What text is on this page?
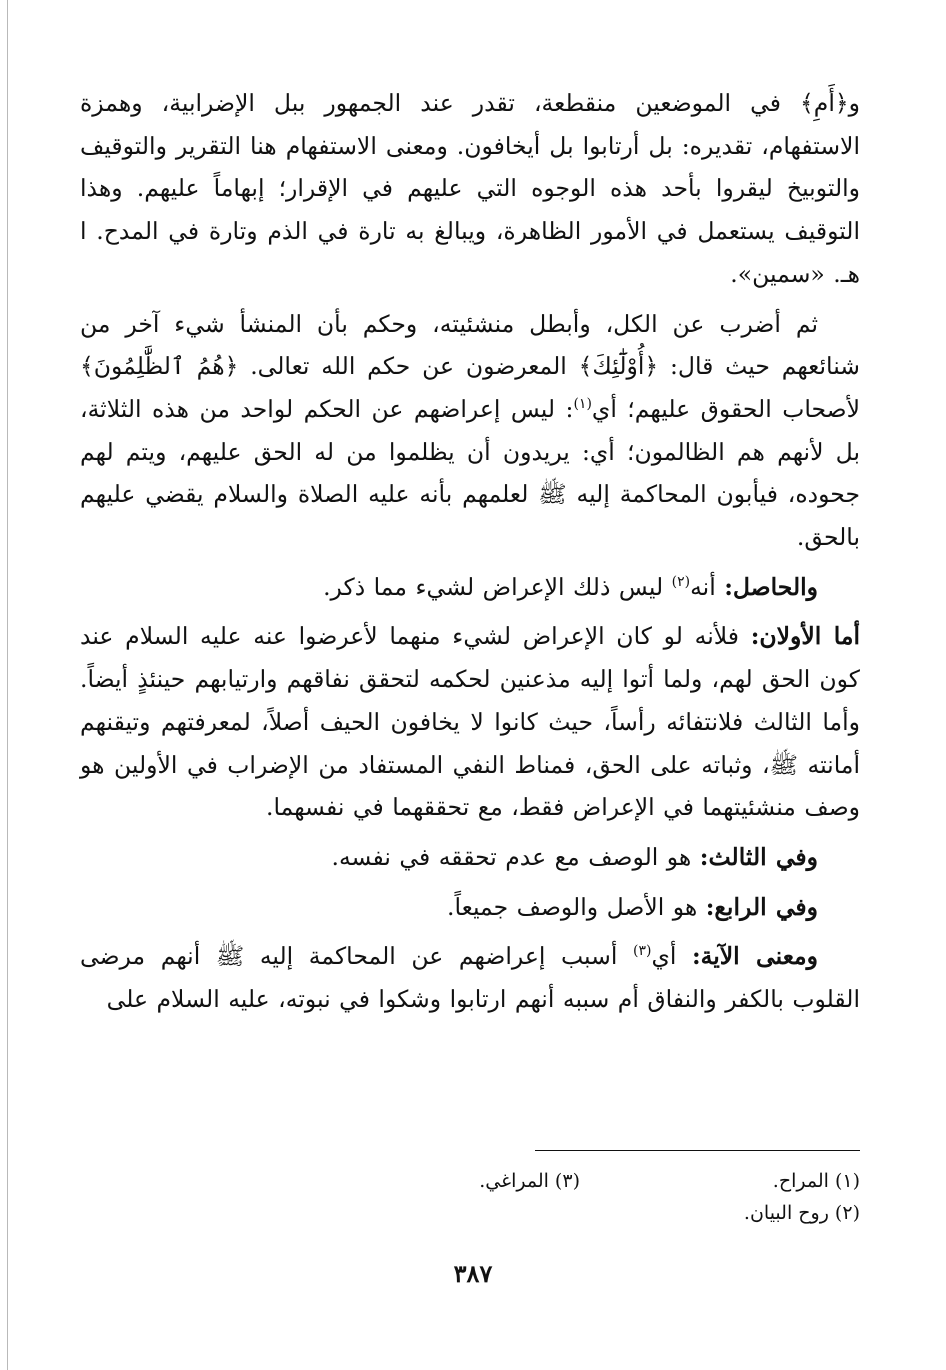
و﴿أَمِ﴾ في الموضعين منقطعة، تقدر عند الجمهور ببل الإضرابية، وهمزة الاستفهام، تقديره: بل أرتابوا بل أيخافون. ومعنى الاستفهام هنا التقرير والتوقيف والتوبيخ ليقروا بأحد هذه الوجوه التي عليهم في الإقرار؛ إبهاماً عليهم. وهذا التوقيف يستعمل في الأمور الظاهرة، ويبالغ به تارة في الذم وتارة في المدح. ا هـ. «سمين».

ثم أضرب عن الكل، وأبطل منشئيته، وحكم بأن المنشأ شيء آخر من شنائعهم حيث قال: ﴿أُوْلَٰٓئِكَ﴾ المعرضون عن حكم الله تعالى. ﴿هُمُ ٱلظَّٰلِمُونَ﴾ لأصحاب الحقوق عليهم؛ أي$^{(١)}$: ليس إعراضهم عن الحكم لواحد من هذه الثلاثة، بل لأنهم هم الظالمون؛ أي: يريدون أن يظلموا من له الحق عليهم، ويتم لهم جحوده، فيأبون المحاكمة إليه ﷺ لعلمهم بأنه عليه الصلاة والسلام يقضي عليهم بالحق.

والحاصل: أنه$^{(٢)}$ ليس ذلك الإعراض لشيء مما ذكر.

أما الأولان: فلأنه لو كان الإعراض لشيء منهما لأعرضوا عنه عليه السلام عند كون الحق لهم، ولما أتوا إليه مذعنين لحكمه لتحقق نفاقهم وارتيابهم حينئذٍ أيضاً. وأما الثالث فلانتفائه رأساً، حيث كانوا لا يخافون الحيف أصلاً، لمعرفتهم وتيقنهم أمانته ﷺ، وثباته على الحق، فمناط النفي المستفاد من الإضراب في الأولين هو وصف منشئيتهما في الإعراض فقط، مع تحققهما في نفسهما.

وفي الثالث: هو الوصف مع عدم تحققه في نفسه.

وفي الرابع: هو الأصل والوصف جميعاً.

ومعنى الآية: أي$^{(٣)}$ أسبب إعراضهم عن المحاكمة إليه ﷺ أنهم مرضى القلوب بالكفر والنفاق أم سببه أنهم ارتابوا وشكوا في نبوته، عليه السلام على

(١) المراح.
(٣) المراغي.
(٢) روح البيان.
٣٨٧
